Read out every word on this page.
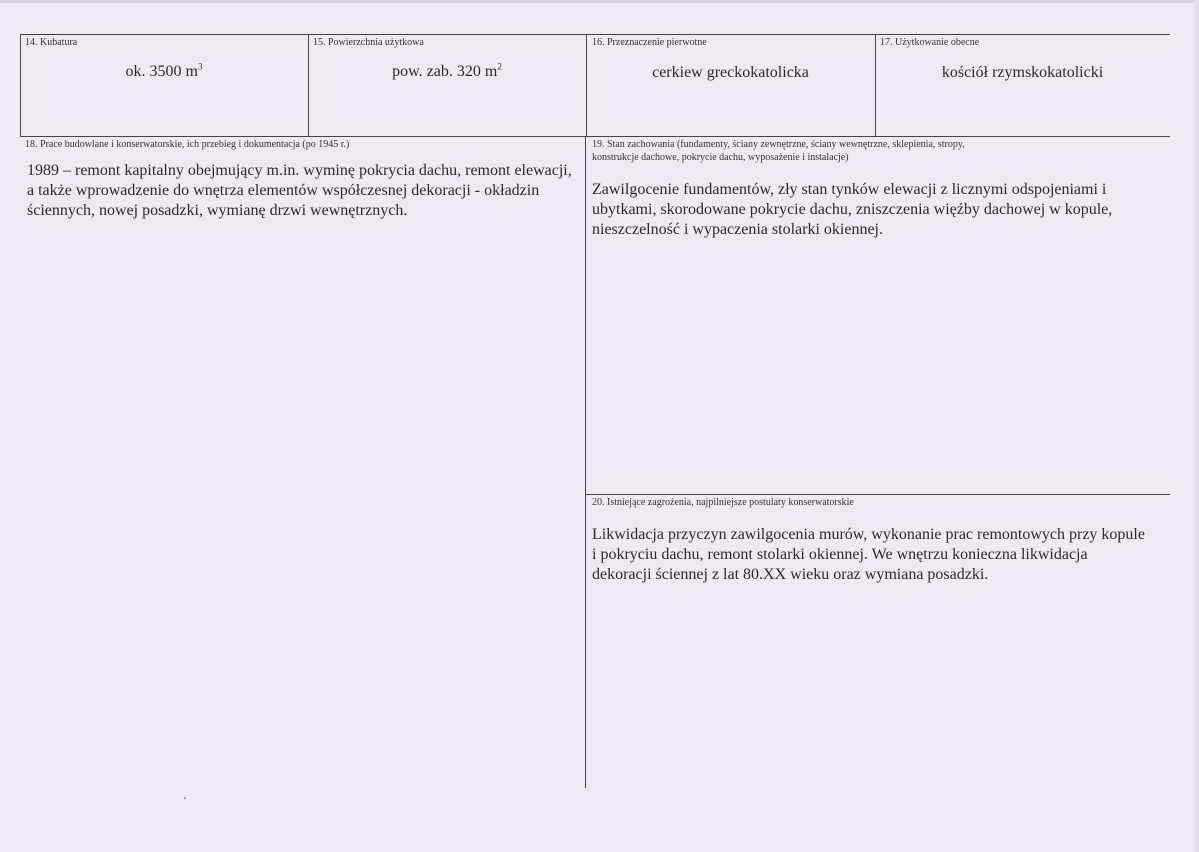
14. Kubatura
ok. 3500 $m^3$
15. Powierzchnia użytkowa
pow. zab. 320 $m^2$
16. Przeznaczenie pierwotne
cerkiew greckokatolicka
17. Użytkowanie obecne
kościół rzymskokatolicki
18. Prace budowlane i konserwatorskie, ich przebieg i dokumentacja (po 1945 r.)
1989 – remont kapitalny obejmujący m.in. wyminę pokrycia dachu, remont elewacji, a także wprowadzenie do wnętrza elementów współczesnej dekoracji - okładzin ściennych, nowej posadzki, wymianę drzwi wewnętrznych.
19. Stan zachowania (fundamenty, ściany zewnętrzne, ściany wewnętrzne, sklepienia, stropy,
konstrukcje dachowe, pokrycie dachu, wyposażenie i instalacje)
Zawilgocenie fundamentów, zły stan tynków elewacji z licznymi odspojeniami i ubytkami, skorodowane pokrycie dachu, zniszczenia więźby dachowej w kopule, nieszczelność i wypaczenia stolarki okiennej.
20. Istniejące zagrożenia, najpilniejsze postulaty konserwatorskie
Likwidacja przyczyn zawilgocenia murów, wykonanie prac remontowych przy kopule i pokryciu dachu, remont stolarki okiennej. We wnętrzu konieczna likwidacja dekoracji ściennej z lat 80.XX wieku oraz wymiana posadzki.
